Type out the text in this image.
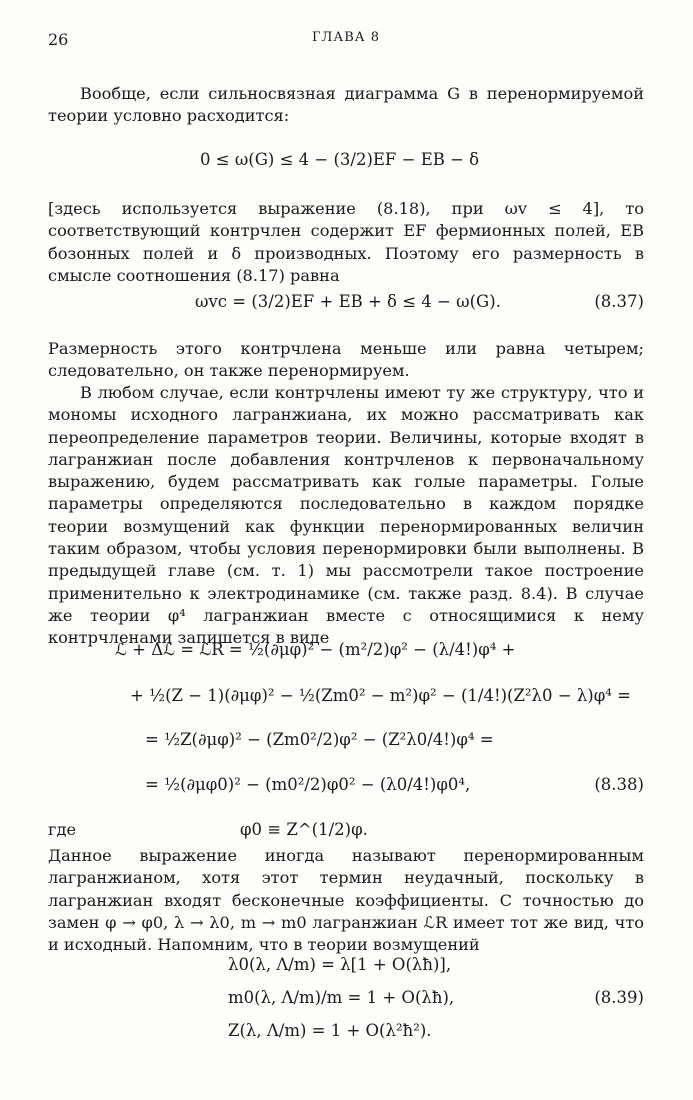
26	ГЛАВА 8

Вообще, если сильносвязная диаграмма G в перенормируемой теории условно расходится:

0 ≤ ω(G) ≤ 4 − (3/2)EF − EB − δ

[здесь используется выражение (8.18), при ωv ≤ 4], то соответствующий контрчлен содержит EF фермионных полей, EB бозонных полей и δ производных. Поэтому его размерность в смысле соотношения (8.17) равна

ωvc = (3/2)EF + EB + δ ≤ 4 − ω(G).	(8.37)

Размерность этого контрчлена меньше или равна четырем; следовательно, он также перенормируем.

В любом случае, если контрчлены имеют ту же структуру, что и мономы исходного лагранжиана, их можно рассматривать как переопределение параметров теории. Величины, которые входят в лагранжиан после добавления контрчленов к первоначальному выражению, будем рассматривать как голые параметры. Голые параметры определяются последовательно в каждом порядке теории возмущений как функции перенормированных величин таким образом, чтобы условия перенормировки были выполнены. В предыдущей главе (см. т. 1) мы рассмотрели такое построение применительно к электродинамике (см. также разд. 8.4). В случае же теории φ⁴ лагранжиан вместе с относящимися к нему контрчленами запишется в виде

ℒ + Δℒ = ℒR = ½(∂μφ)² − (m²/2)φ² − (λ/4!)φ⁴ +
+ ½(Z − 1)(∂μφ)² − ½(Zm0² − m²)φ² − (1/4!)(Z²λ0 − λ)φ⁴ =
= ½Z(∂μφ)² − (Zm0²/2)φ² − (Z²λ0/4!)φ⁴ =
= ½(∂μφ0)² − (m0²/2)φ0² − (λ0/4!)φ0⁴,	(8.38)
где	φ0 ≡ Z^(1/2)φ.

Данное выражение иногда называют перенормированным лагранжианом, хотя этот термин неудачный, поскольку в лагранжиан входят бесконечные коэффициенты. С точностью до замен φ → φ0, λ → λ0, m → m0 лагранжиан ℒR имеет тот же вид, что и исходный. Напомним, что в теории возмущений

λ0(λ, Λ/m) = λ[1 + O(λħ)],
m0(λ, Λ/m)/m = 1 + O(λħ),	(8.39)
Z(λ, Λ/m) = 1 + O(λ²ħ²).
